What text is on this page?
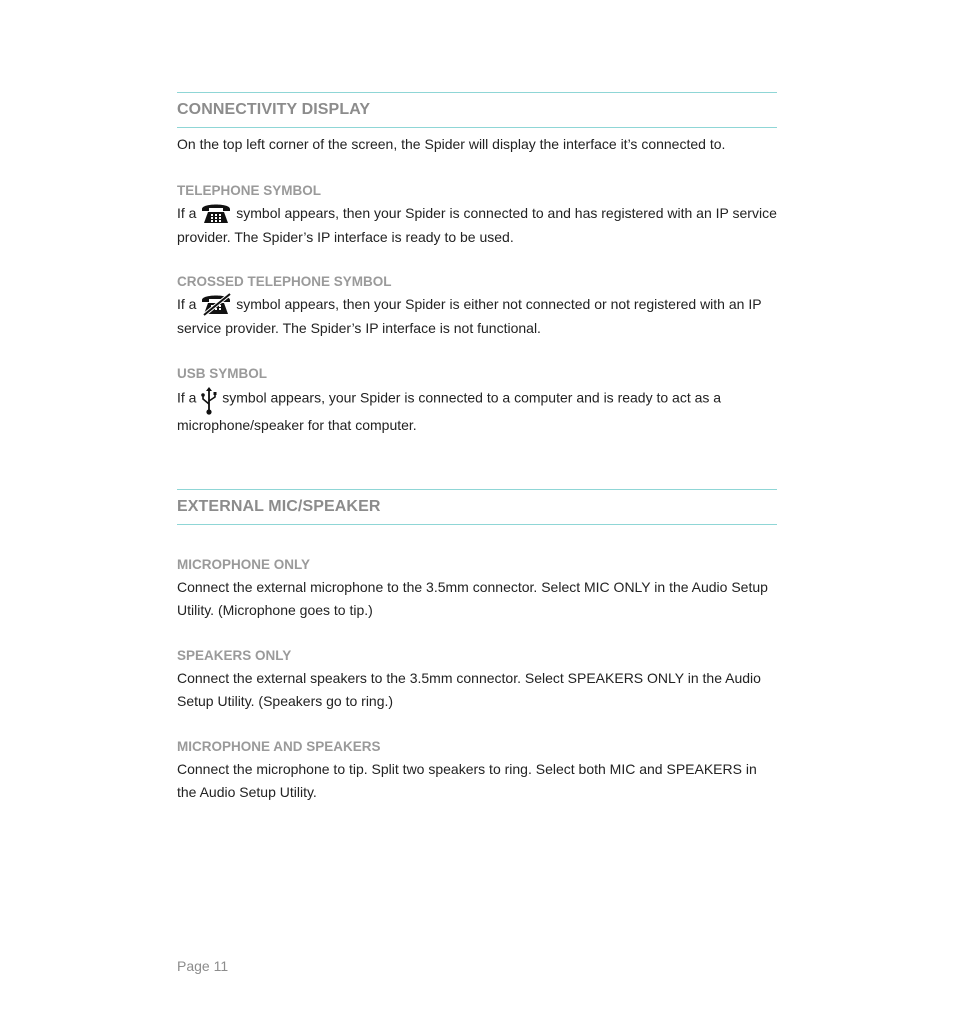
CONNECTIVITY DISPLAY
On the top left corner of the screen, the Spider will display the interface it’s connected to.
TELEPHONE SYMBOL
If a	symbol appears, then your Spider is connected to and has registered with an IP service provider. The Spider’s IP interface is ready to be used.
CROSSED TELEPHONE SYMBOL
If a	symbol appears, then your Spider is either not connected or not registered with an IP service provider. The Spider’s IP interface is not functional.
USB SYMBOL
If a symbol appears, your Spider is connected to a computer and is ready to act as a microphone/speaker for that computer.
EXTERNAL MIC/SPEAKER
MICROPHONE ONLY
Connect the external microphone to the 3.5mm connector. Select MIC ONLY in the Audio Setup Utility. (Microphone goes to tip.)
SPEAKERS ONLY
Connect the external speakers to the 3.5mm connector. Select SPEAKERS ONLY in the Audio Setup Utility. (Speakers go to ring.)
MICROPHONE AND SPEAKERS
Connect the microphone to tip. Split two speakers to ring. Select both MIC and SPEAKERS in the Audio Setup Utility.
Page 11
